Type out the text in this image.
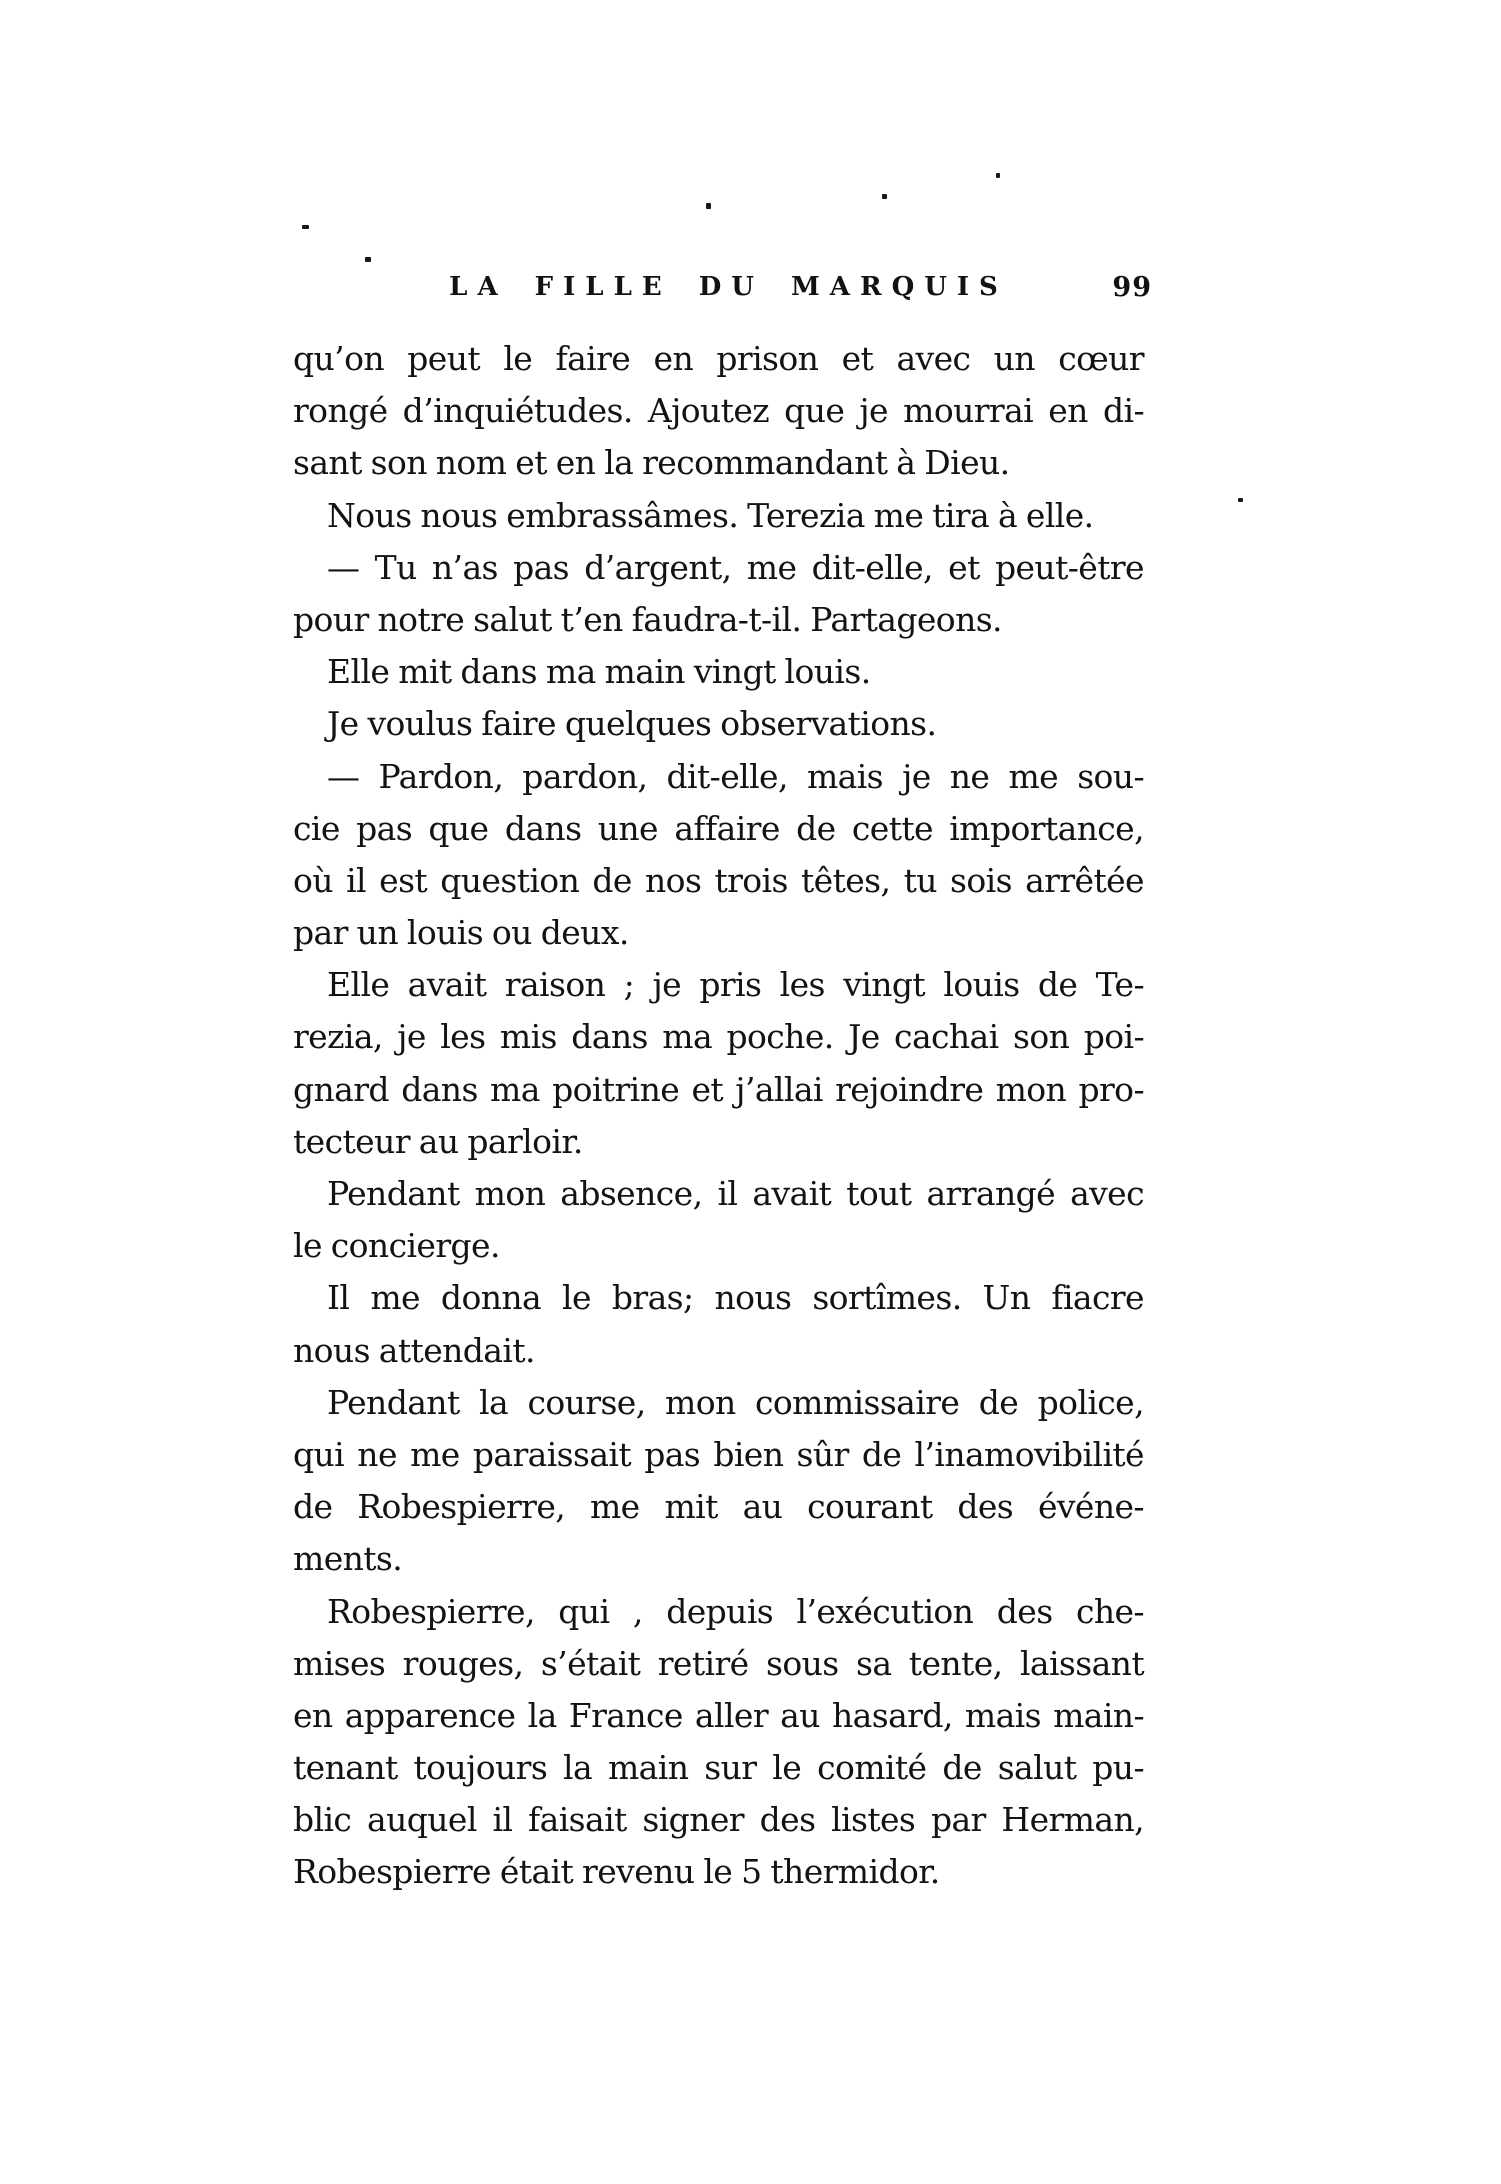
LA FILLE DU MARQUIS	99
qu’on peut le faire en prison et avec un cœur
rongé d’inquiétudes. Ajoutez que je mourrai en di-
sant son nom et en la recommandant à Dieu.
Nous nous embrassâmes. Terezia me tira à elle.
— Tu n’as pas d’argent, me dit-elle, et peut-être
pour notre salut t’en faudra-t-il. Partageons.
Elle mit dans ma main vingt louis.
Je voulus faire quelques observations.
— Pardon, pardon, dit-elle, mais je ne me sou-
cie pas que dans une affaire de cette importance,
où il est question de nos trois têtes, tu sois arrêtée
par un louis ou deux.
Elle avait raison ; je pris les vingt louis de Te-
rezia, je les mis dans ma poche. Je cachai son poi-
gnard dans ma poitrine et j’allai rejoindre mon pro-
tecteur au parloir.
Pendant mon absence, il avait tout arrangé avec
le concierge.
Il me donna le bras; nous sortîmes. Un fiacre
nous attendait.
Pendant la course, mon commissaire de police,
qui ne me paraissait pas bien sûr de l’inamovibilité
de Robespierre, me mit au courant des événe-
ments.
Robespierre, qui , depuis l’exécution des che-
mises rouges, s’était retiré sous sa tente, laissant
en apparence la France aller au hasard, mais main-
tenant toujours la main sur le comité de salut pu-
blic auquel il faisait signer des listes par Herman,
Robespierre était revenu le 5 thermidor.
